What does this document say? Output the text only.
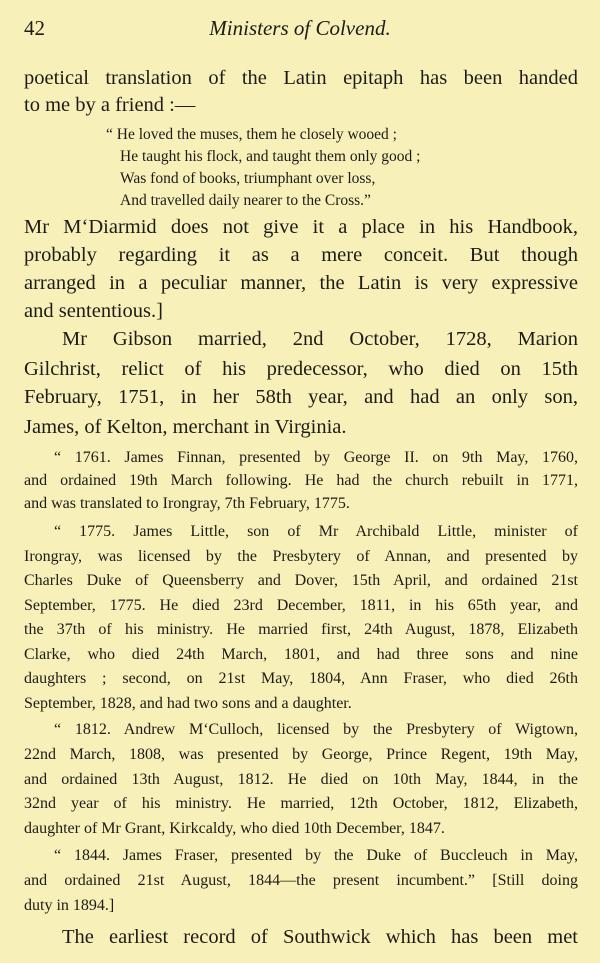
42	Ministers of Colvend.
poetical translation of the Latin epitaph has been handed
to me by a friend :—
“ He loved the muses, them he closely wooed ;
He taught his flock, and taught them only good ;
Was fond of books, triumphant over loss,
And travelled daily nearer to the Cross.”
Mr M‘Diarmid does not give it a place in his Handbook,
probably regarding it as a mere conceit. But though
arranged in a peculiar manner, the Latin is very expressive
and sententious.]
Mr Gibson married, 2nd October, 1728, Marion
Gilchrist, relict of his predecessor, who died on 15th
February, 1751, in her 58th year, and had an only son,
James, of Kelton, merchant in Virginia.
“ 1761. James Finnan, presented by George II. on 9th May, 1760,
and ordained 19th March following. He had the church rebuilt in 1771,
and was translated to Irongray, 7th February, 1775.
“ 1775. James Little, son of Mr Archibald Little, minister of
Irongray, was licensed by the Presbytery of Annan, and presented by
Charles Duke of Queensberry and Dover, 15th April, and ordained 21st
September, 1775. He died 23rd December, 1811, in his 65th year, and
the 37th of his ministry. He married first, 24th August, 1878, Elizabeth
Clarke, who died 24th March, 1801, and had three sons and nine
daughters ; second, on 21st May, 1804, Ann Fraser, who died 26th
September, 1828, and had two sons and a daughter.
“ 1812. Andrew M‘Culloch, licensed by the Presbytery of Wigtown,
22nd March, 1808, was presented by George, Prince Regent, 19th May,
and ordained 13th August, 1812. He died on 10th May, 1844, in the
32nd year of his ministry. He married, 12th October, 1812, Elizabeth,
daughter of Mr Grant, Kirkcaldy, who died 10th December, 1847.
“ 1844. James Fraser, presented by the Duke of Buccleuch in May,
and ordained 21st August, 1844—the present incumbent.” [Still doing
duty in 1894.]
The earliest record of Southwick which has been met
